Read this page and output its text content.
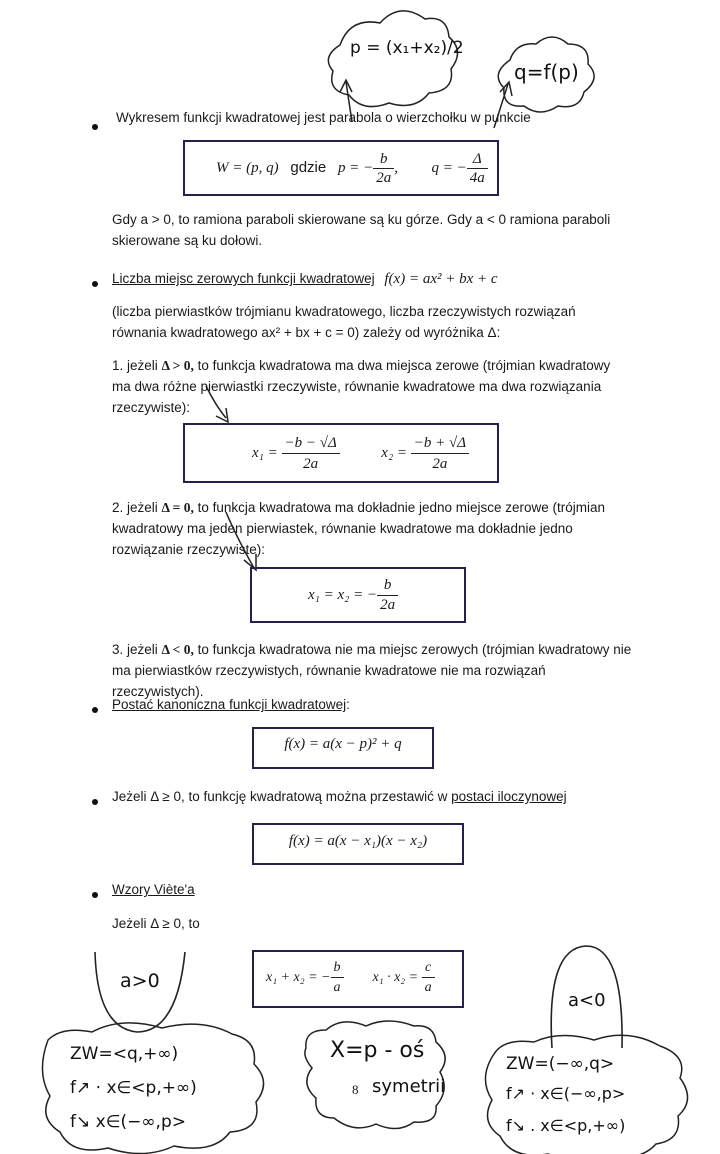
p = (x₁+x₂)/2
q=f(p)
a>0
a<0
ZW=<q,+∞)
f↗ ⋅ x∈<p,+∞)
f↘ x∈(−∞,p>
X=p - oś
symetrii
ZW=(−∞,q>
f↗ ⋅ x∈(−∞,p>
f↘ . x∈<p,+∞)
Wykresem funkcji kwadratowej jest parabola o wierzchołku w punkcie
W = (p, q) gdzie p = − $\frac{b}{2a}$ , q = − $\frac{\Delta}{4a}$
Gdy a > 0, to ramiona paraboli skierowane są ku górze. Gdy a < 0 ramiona paraboli skierowane są ku dołowi.
Liczba miejsc zerowych funkcji kwadratowej f(x) = ax² + bx + c
(liczba pierwiastków trójmianu kwadratowego, liczba rzeczywistych rozwiązań równania kwadratowego ax² + bx + c = 0) zależy od wyróżnika Δ:
1. jeżeli Δ > 0, to funkcja kwadratowa ma dwa miejsca zerowe (trójmian kwadratowy ma dwa różne pierwiastki rzeczywiste, równanie kwadratowe ma dwa rozwiązania rzeczywiste):
$x_1 = \frac{-b - √\Delta}{2a}$	$x_2 = \frac{-b + √\Delta}{2a}$
2. jeżeli Δ = 0, to funkcja kwadratowa ma dokładnie jedno miejsce zerowe (trójmian kwadratowy ma jeden pierwiastek, równanie kwadratowe ma dokładnie jedno rozwiązanie rzeczywiste):
x₁ = x₂ = − $\frac{b}{2a}$
3. jeżeli Δ < 0, to funkcja kwadratowa nie ma miejsc zerowych (trójmian kwadratowy nie ma pierwiastków rzeczywistych, równanie kwadratowe nie ma rozwiązań rzeczywistych).
Postać kanoniczna funkcji kwadratowej:
f(x) = a(x − p)² + q
Jeżeli Δ ≥ 0, to funkcję kwadratową można przestawić w postaci iloczynowej
f(x) = a(x − x₁)(x − x₂)
Wzory Viète'a
Jeżeli Δ ≥ 0, to
x₁ + x₂ = − $\frac{b}{a} x_1 \cdot x_2 = \frac{c}{a}$
8
